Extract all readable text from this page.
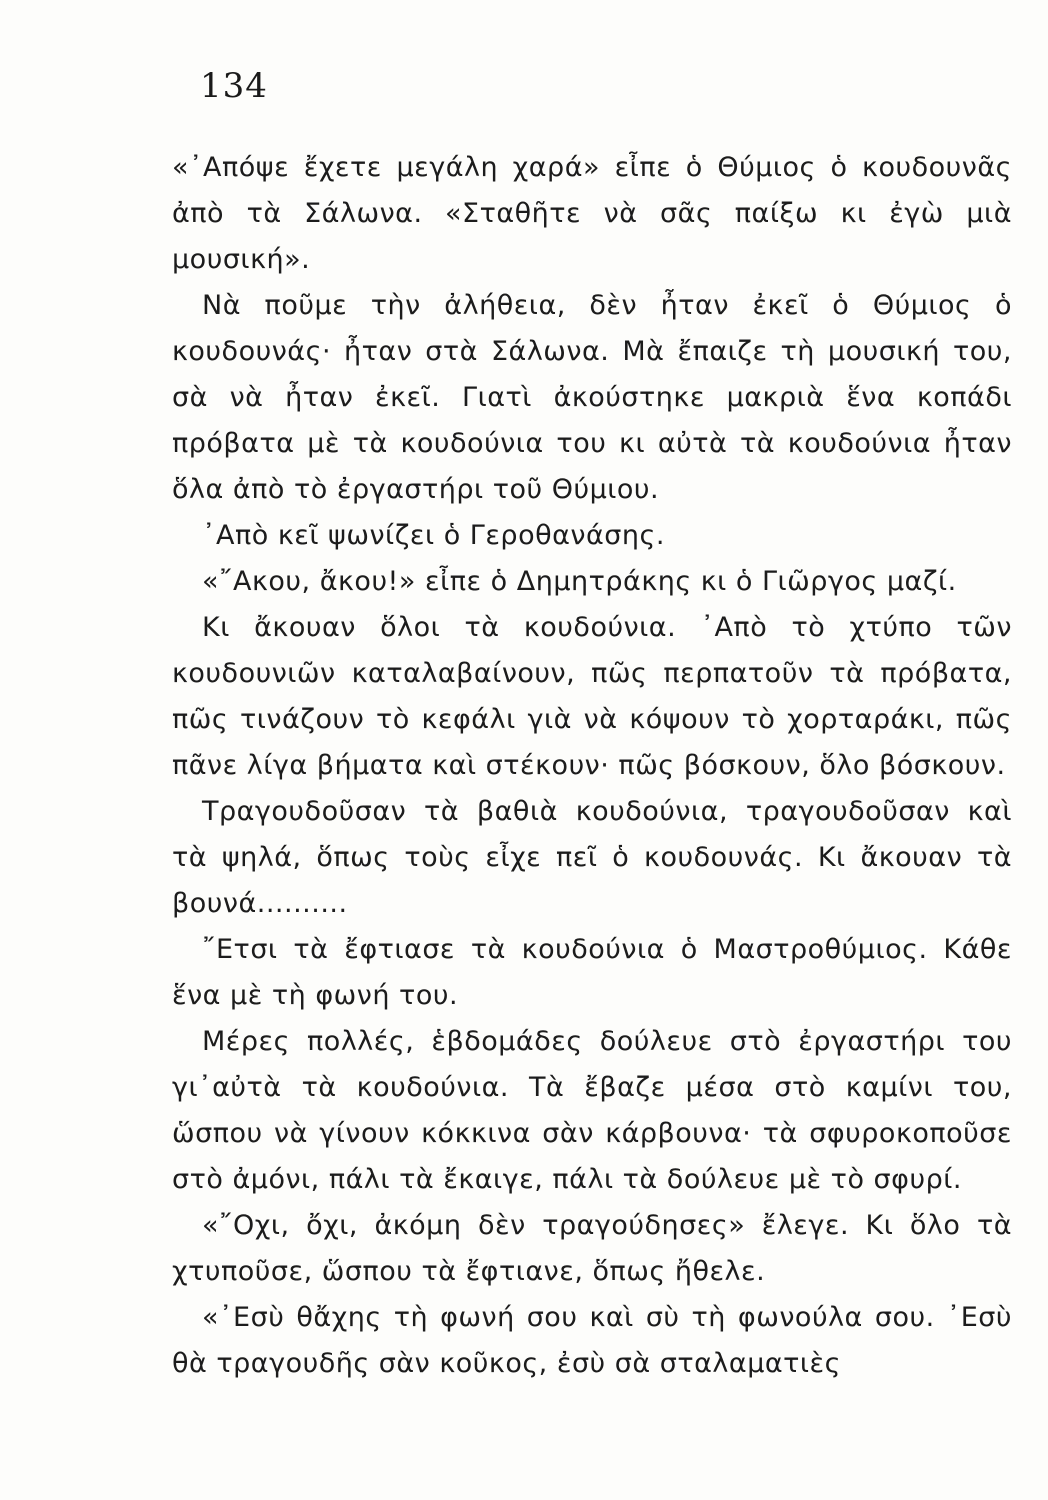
134

«᾿Απόψε ἔχετε μεγάλη χαρά» εἶπε ὁ Θύμιος ὁ κουδουνᾶς ἀπὸ τὰ Σάλωνα. «Σταθῆτε νὰ σᾶς παίξω κι ἐγὼ μιὰ μουσική».

Νὰ ποῦμε τὴν ἀλήθεια, δὲν ἦταν ἐκεῖ ὁ Θύμιος ὁ κουδουνάς· ἦταν στὰ Σάλωνα. Μὰ ἔπαιζε τὴ μουσική του, σὰ νὰ ἦταν ἐκεῖ. Γιατὶ ἀκούστηκε μακριὰ ἕνα κοπάδι πρόβατα μὲ τὰ κουδούνια του κι αὐτὰ τὰ κουδούνια ἦταν ὅλα ἀπὸ τὸ ἐργαστήρι τοῦ Θύμιου.

᾿Απὸ κεῖ ψωνίζει ὁ Γεροθανάσης.

«῎Ακου, ἄκου!» εἶπε ὁ Δημητράκης κι ὁ Γιῶργος μαζί.

Κι ἄκουαν ὅλοι τὰ κουδούνια. ᾿Απὸ τὸ χτύπο τῶν κουδουνιῶν καταλαβαίνουν, πῶς περπατοῦν τὰ πρόβατα, πῶς τινάζουν τὸ κεφάλι γιὰ νὰ κόψουν τὸ χορταράκι, πῶς πᾶνε λίγα βήματα καὶ στέκουν· πῶς βόσκουν, ὅλο βόσκουν.

Τραγουδοῦσαν τὰ βαθιὰ κουδούνια, τραγουδοῦσαν καὶ τὰ ψηλά, ὅπως τοὺς εἶχε πεῖ ὁ κουδουνάς. Κι ἄκουαν τὰ βουνά..........

῎Ετσι τὰ ἔφτιασε τὰ κουδούνια ὁ Μαστροθύμιος. Κάθε ἕνα μὲ τὴ φωνή του.

Μέρες πολλές, ἑβδομάδες δούλευε στὸ ἐργαστήρι του γι᾿αὐτὰ τὰ κουδούνια. Τὰ ἔβαζε μέσα στὸ καμίνι του, ὥσπου νὰ γίνουν κόκκινα σὰν κάρβουνα· τὰ σφυροκοποῦσε στὸ ἀμόνι, πάλι τὰ ἔκαιγε, πάλι τὰ δούλευε μὲ τὸ σφυρί.

«῎Οχι, ὄχι, ἀκόμη δὲν τραγούδησες» ἔλεγε. Κι ὅλο τὰ χτυποῦσε, ὥσπου τὰ ἔφτιανε, ὅπως ἤθελε.

«᾿Εσὺ θἄχης τὴ φωνή σου καὶ σὺ τὴ φωνούλα σου. ᾿Εσὺ θὰ τραγουδῆς σὰν κοῦκος, ἐσὺ σὰ σταλαματιὲς
